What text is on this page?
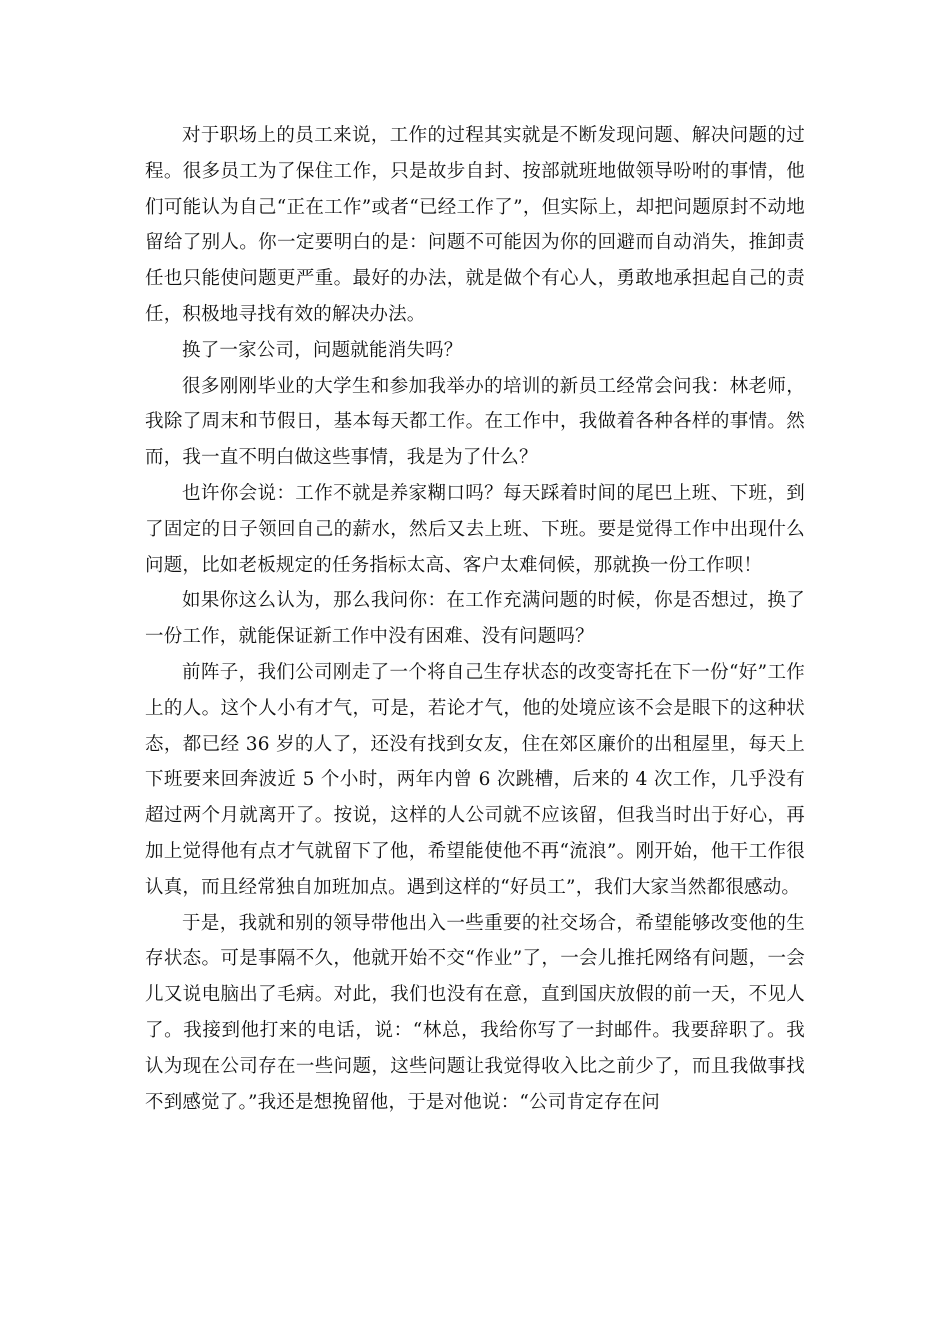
对于职场上的员工来说，工作的过程其实就是不断发现问题、解决问题的过程。很多员工为了保住工作，只是故步自封、按部就班地做领导吩咐的事情，他们可能认为自己“正在工作”或者“已经工作了”，但实际上，却把问题原封不动地留给了别人。你一定要明白的是：问题不可能因为你的回避而自动消失，推卸责任也只能使问题更严重。最好的办法，就是做个有心人，勇敢地承担起自己的责任，积极地寻找有效的解决办法。

换了一家公司，问题就能消失吗？

很多刚刚毕业的大学生和参加我举办的培训的新员工经常会问我：林老师，我除了周末和节假日，基本每天都工作。在工作中，我做着各种各样的事情。然而，我一直不明白做这些事情，我是为了什么？

也许你会说：工作不就是养家糊口吗？每天踩着时间的尾巴上班、下班，到了固定的日子领回自己的薪水，然后又去上班、下班。要是觉得工作中出现什么问题，比如老板规定的任务指标太高、客户太难伺候，那就换一份工作呗！

如果你这么认为，那么我问你：在工作充满问题的时候，你是否想过，换了一份工作，就能保证新工作中没有困难、没有问题吗？

前阵子，我们公司刚走了一个将自己生存状态的改变寄托在下一份“好”工作上的人。这个人小有才气，可是，若论才气，他的处境应该不会是眼下的这种状态，都已经 36 岁的人了，还没有找到女友，住在郊区廉价的出租屋里，每天上下班要来回奔波近 5 个小时，两年内曾 6 次跳槽，后来的 4 次工作，几乎没有超过两个月就离开了。按说，这样的人公司就不应该留，但我当时出于好心，再加上觉得他有点才气就留下了他，希望能使他不再“流浪”。刚开始，他干工作很认真，而且经常独自加班加点。遇到这样的“好员工”，我们大家当然都很感动。

于是，我就和别的领导带他出入一些重要的社交场合，希望能够改变他的生存状态。可是事隔不久，他就开始不交“作业”了，一会儿推托网络有问题，一会儿又说电脑出了毛病。对此，我们也没有在意，直到国庆放假的前一天，不见人了。我接到他打来的电话，说：“林总，我给你写了一封邮件。我要辞职了。我认为现在公司存在一些问题，这些问题让我觉得收入比之前少了，而且我做事找不到感觉了。”我还是想挽留他，于是对他说：“公司肯定存在问
